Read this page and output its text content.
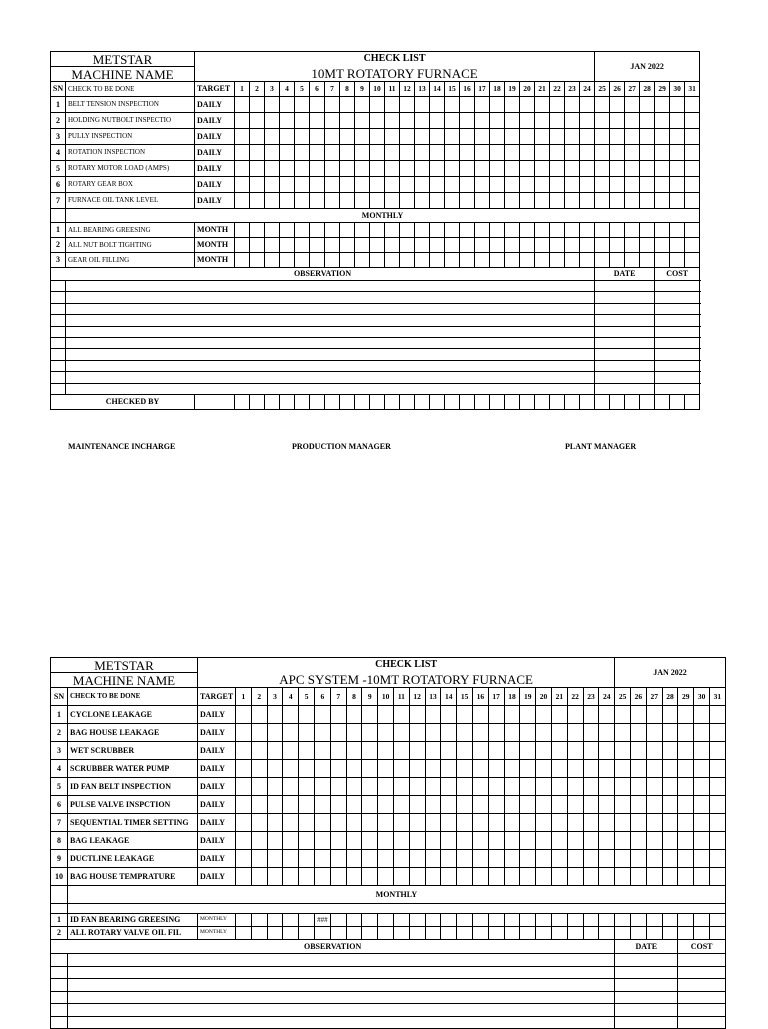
METSTAR		CHECK LIST																									JAN 2022						
MACHINE NAME		10MT ROTATORY FURNACE																															
SN	CHECK TO BE DONE	TARGET	1	2	3	4	5	6	7	8	9	10	11	12	13	14	15	16	17	18	19	20	21	22	23	24	25	26	27	28	29	30	31
1	BELT TENSION INSPECTION	DAILY																															
2	HOLDING NUTBOLT INSPECTIO	DAILY																															
3	PULLY INSPECTION	DAILY																															
4	ROTATION INSPECTION	DAILY																															
5	ROTARY MOTOR LOAD (AMPS)	DAILY																															
6	ROTARY GEAR BOX	DAILY																															
7	FURNACE OIL TANK LEVEL	DAILY																															
	MONTHLY																																
1	ALL BEARING GREESING	MONTH																															
2	ALL NUT BOLT TIGHTING	MONTH																															
3	GEAR OIL FILLING	MONTH																															
OBSERVATION																											DATE				COST		

CHECKED BY																																	
MAINTENANCE INCHARGE	PRODUCTION MANAGER	PLANT MANAGER
METSTAR		CHECK LIST																									JAN 2022						
MACHINE NAME		APC SYSTEM -10MT ROTATORY FURNACE																															
SN	CHECK TO BE DONE	TARGET	1	2	3	4	5	6	7	8	9	10	11	12	13	14	15	16	17	18	19	20	21	22	23	24	25	26	27	28	29	30	31
1	CYCLONE LEAKAGE	DAILY																															
2	BAG HOUSE LEAKAGE	DAILY																															
3	WET SCRUBBER	DAILY																															
4	SCRUBBER WATER PUMP	DAILY																															
5	ID FAN BELT INSPECTION	DAILY																															
6	PULSE VALVE INSPCTION	DAILY																															
7	SEQUENTIAL TIMER SETTING	DAILY																															
8	BAG LEAKAGE	DAILY																															
9	DUCTLINE LEAKAGE	DAILY																															
10	BAG HOUSE TEMPRATURE	DAILY																															
	MONTHLY																																

1	ID FAN BEARING GREESING	MONTHLY						###																									
2	ALL ROTARY VALVE OIL FIL	MONTHLY																															
OBSERVATION																											DATE				COST		
